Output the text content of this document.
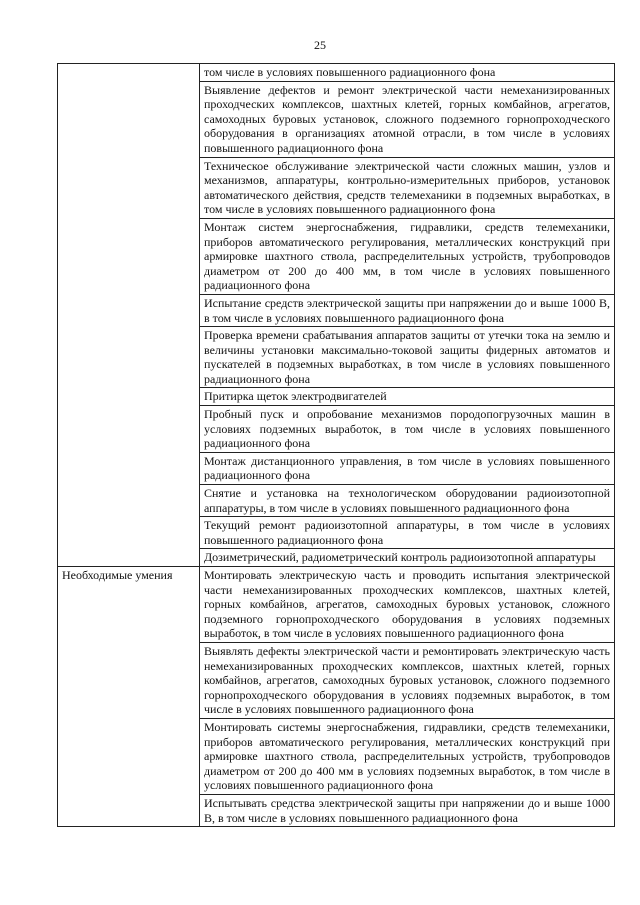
25
	том числе в условиях повышенного радиационного фона
	Выявление дефектов и ремонт электрической части немеханизированных проходческих комплексов, шахтных клетей, горных комбайнов, агрегатов, самоходных буровых установок, сложного подземного горнопроходческого оборудования в организациях атомной отрасли, в том числе в условиях повышенного радиационного фона
	Техническое обслуживание электрической части сложных машин, узлов и механизмов, аппаратуры, контрольно-измерительных приборов, установок автоматического действия, средств телемеханики в подземных выработках, в том числе в условиях повышенного радиационного фона
	Монтаж систем энергоснабжения, гидравлики, средств телемеханики, приборов автоматического регулирования, металлических конструкций при армировке шахтного ствола, распределительных устройств, трубопроводов диаметром от 200 до 400 мм, в том числе в условиях повышенного радиационного фона
	Испытание средств электрической защиты при напряжении до и выше 1000 В, в том числе в условиях повышенного радиационного фона
	Проверка времени срабатывания аппаратов защиты от утечки тока на землю и величины установки максимально-токовой защиты фидерных автоматов и пускателей в подземных выработках, в том числе в условиях повышенного радиационного фона
	Притирка щеток электродвигателей
	Пробный пуск и опробование механизмов породопогрузочных машин в условиях подземных выработок, в том числе в условиях повышенного радиационного фона
	Монтаж дистанционного управления, в том числе в условиях повышенного радиационного фона
	Снятие и установка на технологическом оборудовании радиоизотопной аппаратуры, в том числе в условиях повышенного радиационного фона
	Текущий ремонт радиоизотопной аппаратуры, в том числе в условиях повышенного радиационного фона
	Дозиметрический, радиометрический контроль радиоизотопной аппаратуры
Необходимые умения	Монтировать электрическую часть и проводить испытания электрической части немеханизированных проходческих комплексов, шахтных клетей, горных комбайнов, агрегатов, самоходных буровых установок, сложного подземного горнопроходческого оборудования в условиях подземных выработок, в том числе в условиях повышенного радиационного фона
	Выявлять дефекты электрической части и ремонтировать электрическую часть немеханизированных проходческих комплексов, шахтных клетей, горных комбайнов, агрегатов, самоходных буровых установок, сложного подземного горнопроходческого оборудования в условиях подземных выработок, в том числе в условиях повышенного радиационного фона
	Монтировать системы энергоснабжения, гидравлики, средств телемеханики, приборов автоматического регулирования, металлических конструкций при армировке шахтного ствола, распределительных устройств, трубопроводов диаметром от 200 до 400 мм в условиях подземных выработок, в том числе в условиях повышенного радиационного фона
	Испытывать средства электрической защиты при напряжении до и выше 1000 В, в том числе в условиях повышенного радиационного фона
